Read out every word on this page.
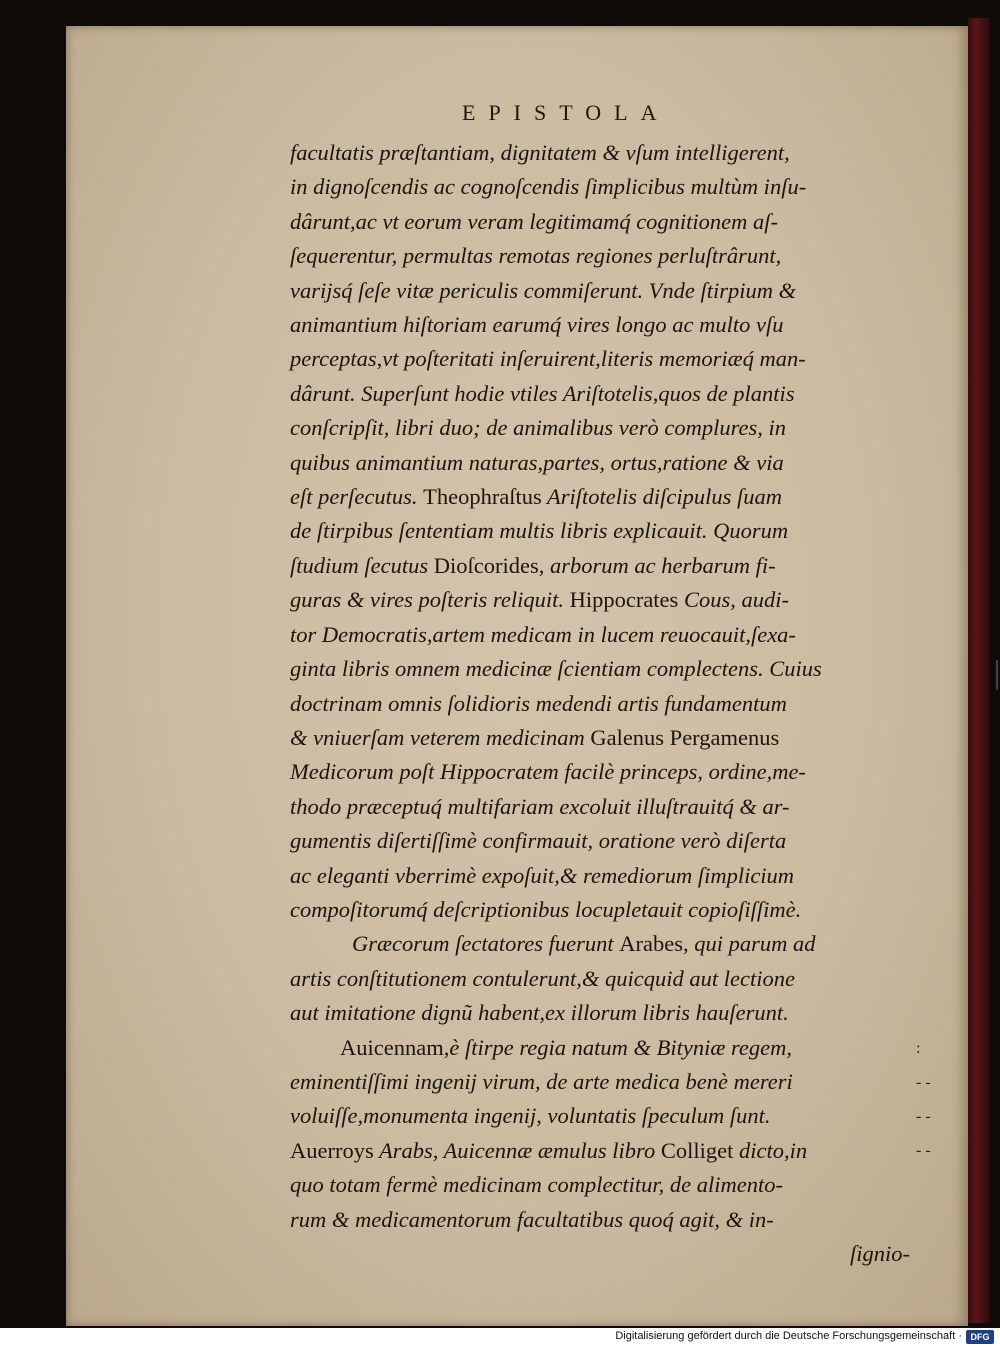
EPISTOLA
facultatis præſtantiam, dignitatem & vſum intelligerent,
in dignoſcendis ac cognoſcendis ſimplicibus multùm inſu-
dârunt,ac vt eorum veram legitimamq́ cognitionem aſ-
ſequerentur, permultas remotas regiones perluſtrârunt,
varijsq́ ſeſe vitæ periculis commiſerunt. Vnde ſtirpium &
animantium hiſtoriam earumq́ vires longo ac multo vſu
perceptas,vt poſteritati inſeruirent,literis memoriæq́ man-
dârunt. Superſunt hodie vtiles Ariſtotelis,quos de plantis
conſcripſit, libri duo; de animalibus verò complures, in
quibus animantium naturas,partes, ortus,ratione & via
eſt perſecutus. Theophraſtus Ariſtotelis diſcipulus ſuam
de ſtirpibus ſententiam multis libris explicauit. Quorum
ſtudium ſecutus Dioſcorides, arborum ac herbarum fi-
guras & vires poſteris reliquit. Hippocrates Cous, audi-
tor Democratis,artem medicam in lucem reuocauit,ſexa-
ginta libris omnem medicinæ ſcientiam complectens. Cuius
doctrinam omnis ſolidioris medendi artis fundamentum
& vniuerſam veterem medicinam Galenus Pergamenus
Medicorum poſt Hippocratem facilè princeps, ordine,me-
thodo præceptuq́ multifariam excoluit illuſtrauitq́ & ar-
gumentis diſertiſſimè confirmauit, oratione verò diſerta
ac eleganti vberrimè expoſuit,& remediorum ſimplicium
compoſitorumq́ deſcriptionibus locupletauit copioſiſſimè.
Græcorum ſectatores fuerunt Arabes, qui parum ad
artis conſtitutionem contulerunt,& quicquid aut lectione
aut imitatione dignũ habent,ex illorum libris hauſerunt.
Auicennam,è ſtirpe regia natum & Bityniæ regem,
eminentiſſimi ingenij virum, de arte medica benè mereri
voluiſſe,monumenta ingenij, voluntatis ſpeculum ſunt.
Auerroys Arabs, Auicennæ æmulus libro Colliget dicto,in
quo totam fermè medicinam complectitur, de alimento-
rum & medicamentorum facultatibus quoq́ agit, & in-
ſignio-
:
- -
- -
- -
Digitalisierung gefördert durch die Deutsche Forschungsgemeinschaft · DFG
